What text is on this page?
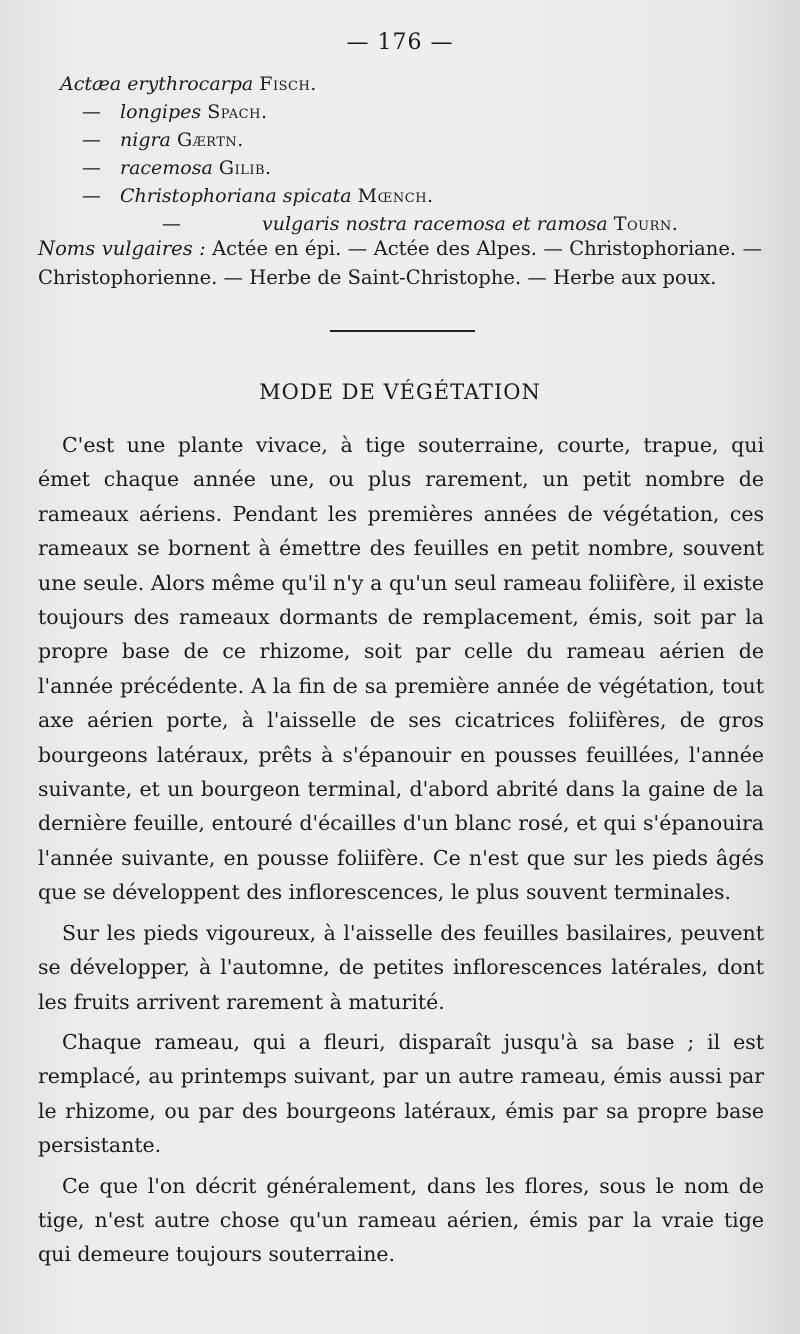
— 176 —
Actæa erythrocarpa Fisch.
— longipes Spach.
— nigra Gærtn.
— racemosa Gilib.
— Christophoriana spicata Mœnch.
—	vulgaris nostra racemosa et ramosa Tourn.
Noms vulgaires : Actée en épi. — Actée des Alpes. — Christophoriane. — Christophorienne. — Herbe de Saint-Christophe. — Herbe aux poux.
MODE DE VÉGÉTATION

C'est une plante vivace, à tige souterraine, courte, trapue, qui émet chaque année une, ou plus rarement, un petit nombre de rameaux aériens. Pendant les premières années de végétation, ces rameaux se bornent à émettre des feuilles en petit nombre, souvent une seule. Alors même qu'il n'y a qu'un seul rameau foliifère, il existe toujours des rameaux dormants de remplacement, émis, soit par la propre base de ce rhizome, soit par celle du rameau aérien de l'année précédente. A la fin de sa première année de végétation, tout axe aérien porte, à l'aisselle de ses cicatrices foliifères, de gros bourgeons latéraux, prêts à s'épanouir en pousses feuillées, l'année suivante, et un bourgeon terminal, d'abord abrité dans la gaine de la dernière feuille, entouré d'écailles d'un blanc rosé, et qui s'épanouira l'année suivante, en pousse foliifère. Ce n'est que sur les pieds âgés que se développent des inflorescences, le plus souvent terminales.

Sur les pieds vigoureux, à l'aisselle des feuilles basilaires, peuvent se développer, à l'automne, de petites inflorescences latérales, dont les fruits arrivent rarement à maturité.

Chaque rameau, qui a fleuri, disparaît jusqu'à sa base ; il est remplacé, au printemps suivant, par un autre rameau, émis aussi par le rhizome, ou par des bourgeons latéraux, émis par sa propre base persistante.

Ce que l'on décrit généralement, dans les flores, sous le nom de tige, n'est autre chose qu'un rameau aérien, émis par la vraie tige qui demeure toujours souterraine.
